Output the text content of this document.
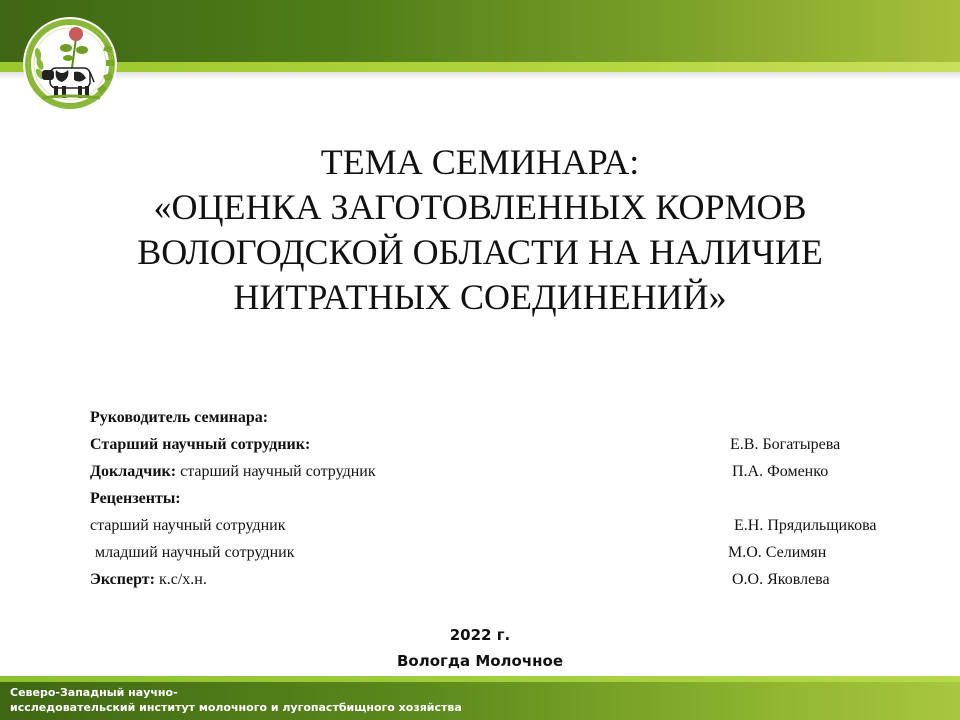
ТЕМА СЕМИНАРА:
«ОЦЕНКА ЗАГОТОВЛЕННЫХ КОРМОВ
ВОЛОГОДСКОЙ ОБЛАСТИ НА НАЛИЧИЕ
НИТРАТНЫХ СОЕДИНЕНИЙ»
Руководитель семинара:
Старший научный сотрудник:	Е.В. Богатырева
Докладчик: старший научный сотрудник	П.А. Фоменко
Рецензенты:
старший научный сотрудник	Е.Н. Прядильщикова
младший научный сотрудник	М.О. Селимян
Эксперт: к.с/х.н.	О.О. Яковлева
2022 г.
Вологда Молочное
Северо-Западный научно-
исследовательский институт молочного и лугопастбищного хозяйства
